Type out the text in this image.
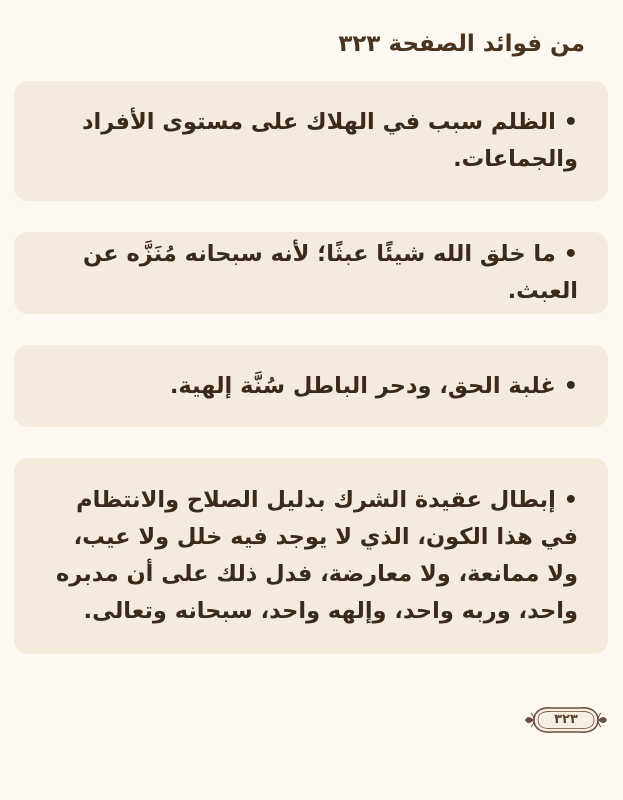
من فوائد الصفحة ٣٢٣

• الظلم سبب في الهلاك على مستوى الأفراد والجماعات.

• ما خلق الله شيئًا عبثًا؛ لأنه سبحانه مُنَزَّه عن العبث.

• غلبة الحق، ودحر الباطل سُنَّة إلهية.

• إبطال عقيدة الشرك بدليل الصلاح والانتظام في هذا الكون، الذي لا يوجد فيه خلل ولا عيب، ولا ممانعة، ولا معارضة، فدل ذلك على أن مدبره واحد، وربه واحد، وإلهه واحد، سبحانه وتعالى.

٣٢٣
